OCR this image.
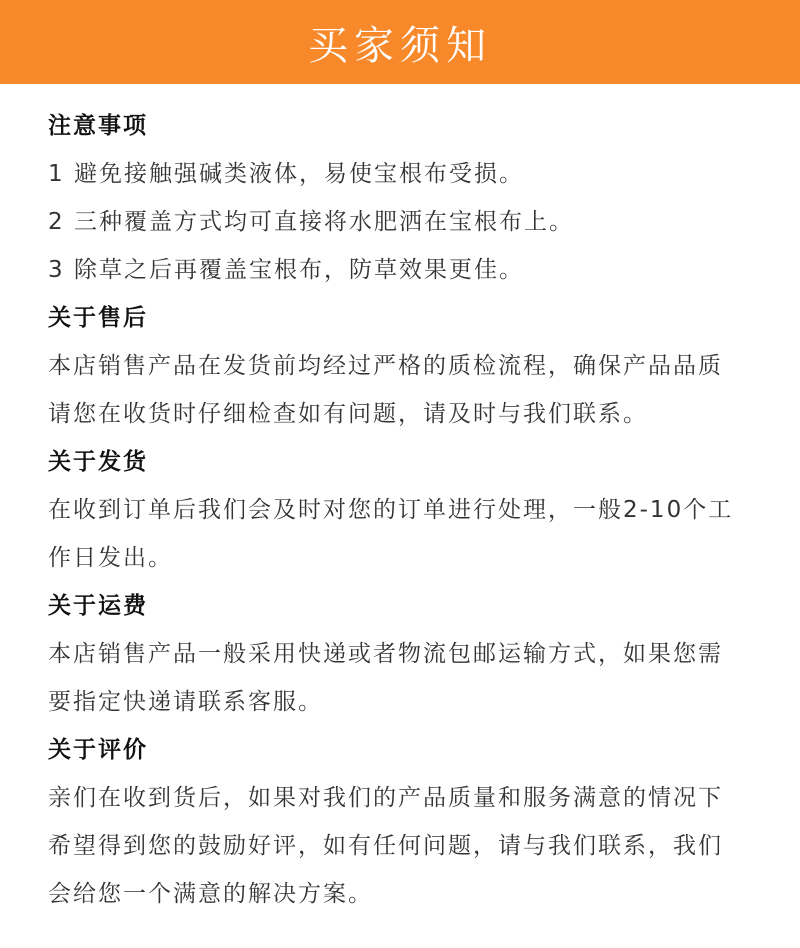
买家须知
注意事项
1 避免接触强碱类液体，易使宝根布受损。
2 三种覆盖方式均可直接将水肥洒在宝根布上。
3 除草之后再覆盖宝根布，防草效果更佳。
关于售后
本店销售产品在发货前均经过严格的质检流程，确保产品品质
请您在收货时仔细检查如有问题，请及时与我们联系。
关于发货
在收到订单后我们会及时对您的订单进行处理，一般2-10个工
作日发出。
关于运费
本店销售产品一般采用快递或者物流包邮运输方式，如果您需
要指定快递请联系客服。
关于评价
亲们在收到货后，如果对我们的产品质量和服务满意的情况下
希望得到您的鼓励好评，如有任何问题，请与我们联系，我们
会给您一个满意的解决方案。
